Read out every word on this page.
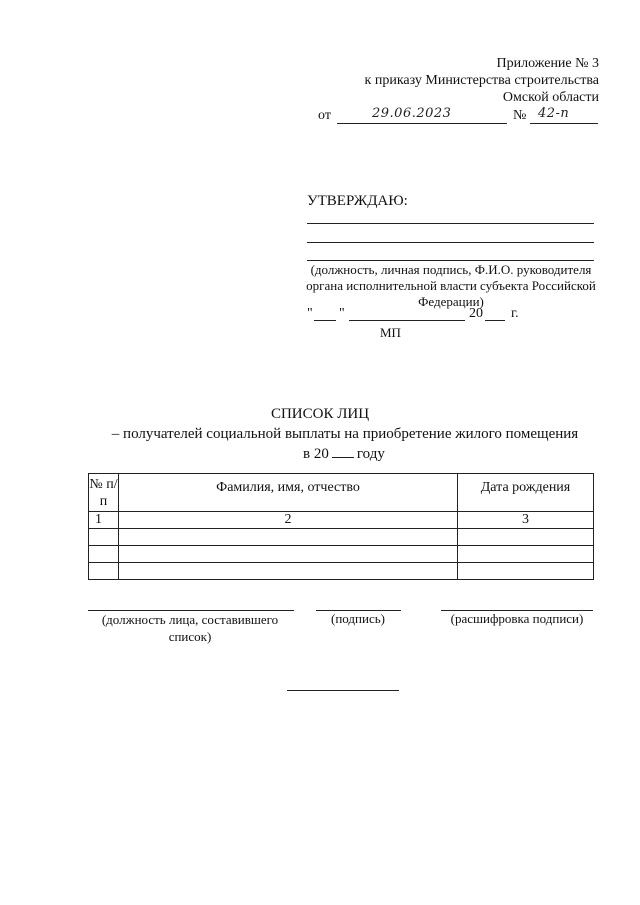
Приложение № 3
к приказу Министерства строительства
Омской области
от	29.06.2023	№ 42-п
УТВЕРЖДАЮ:
(должность, личная подпись, Ф.И.О. руководителя
органа исполнительной власти субъекта Российской
Федерации)
" "	20 г.
МП
СПИСОК ЛИЦ
– получателей социальной выплаты на приобретение жилого помещения
в 20 году
№ п/п	Фамилия, имя, отчество	Дата рождения
1	2	3

(должность лица, составившего
список)
(подпись)	(расшифровка подписи)
